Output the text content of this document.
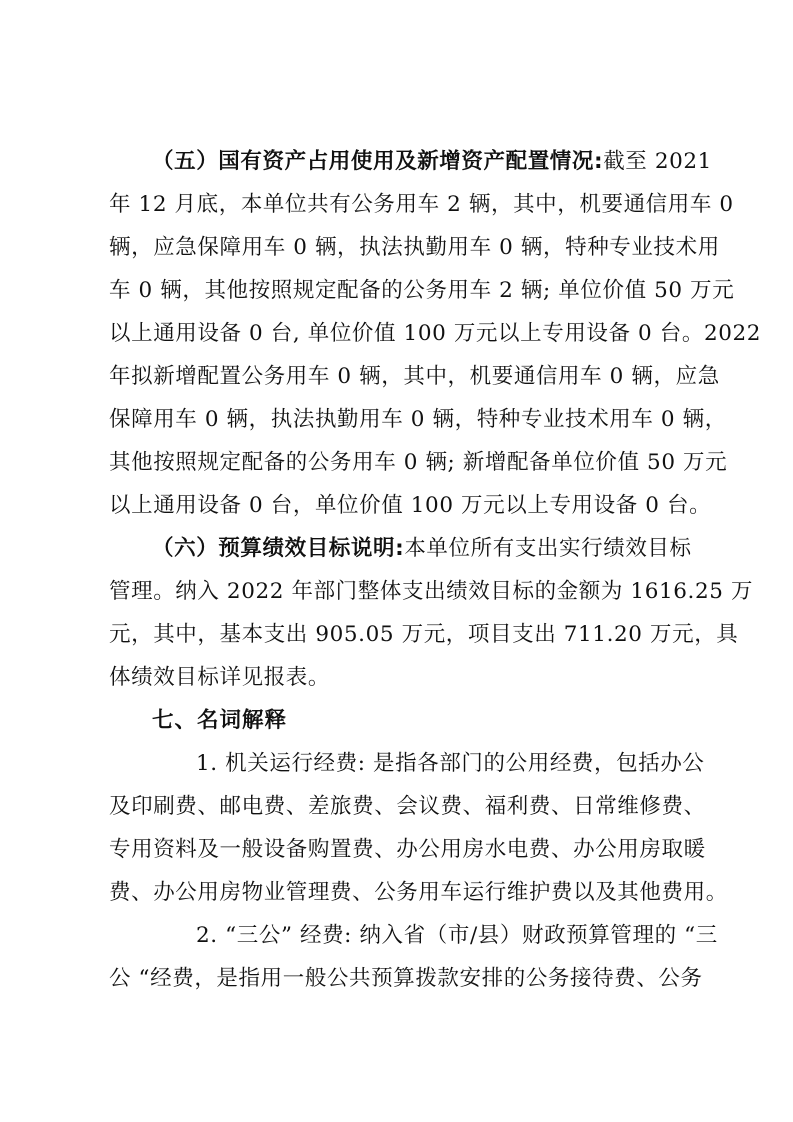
（五）国有资产占用使用及新增资产配置情况:截至 2021
年 12 月底，本单位共有公务用车 2 辆，其中，机要通信用车 0
辆，应急保障用车 0 辆，执法执勤用车 0 辆，特种专业技术用
车 0 辆，其他按照规定配备的公务用车 2 辆; 单位价值 50 万元
以上通用设备 0 台, 单位价值 100 万元以上专用设备 0 台。2022
年拟新增配置公务用车 0 辆，其中，机要通信用车 0 辆，应急
保障用车 0 辆，执法执勤用车 0 辆，特种专业技术用车 0 辆，
其他按照规定配备的公务用车 0 辆; 新增配备单位价值 50 万元
以上通用设备 0 台，单位价值 100 万元以上专用设备 0 台。
（六）预算绩效目标说明:本单位所有支出实行绩效目标
管理。纳入 2022 年部门整体支出绩效目标的金额为 1616.25 万
元，其中，基本支出 905.05 万元，项目支出 711.20 万元，具
体绩效目标详见报表。
七、名词解释
1. 机关运行经费: 是指各部门的公用经费，包括办公
及印刷费、邮电费、差旅费、会议费、福利费、日常维修费、
专用资料及一般设备购置费、办公用房水电费、办公用房取暖
费、办公用房物业管理费、公务用车运行维护费以及其他费用。
2. “三公” 经费: 纳入省（市/县）财政预算管理的 “三
公 “经费，是指用一般公共预算拨款安排的公务接待费、公务
